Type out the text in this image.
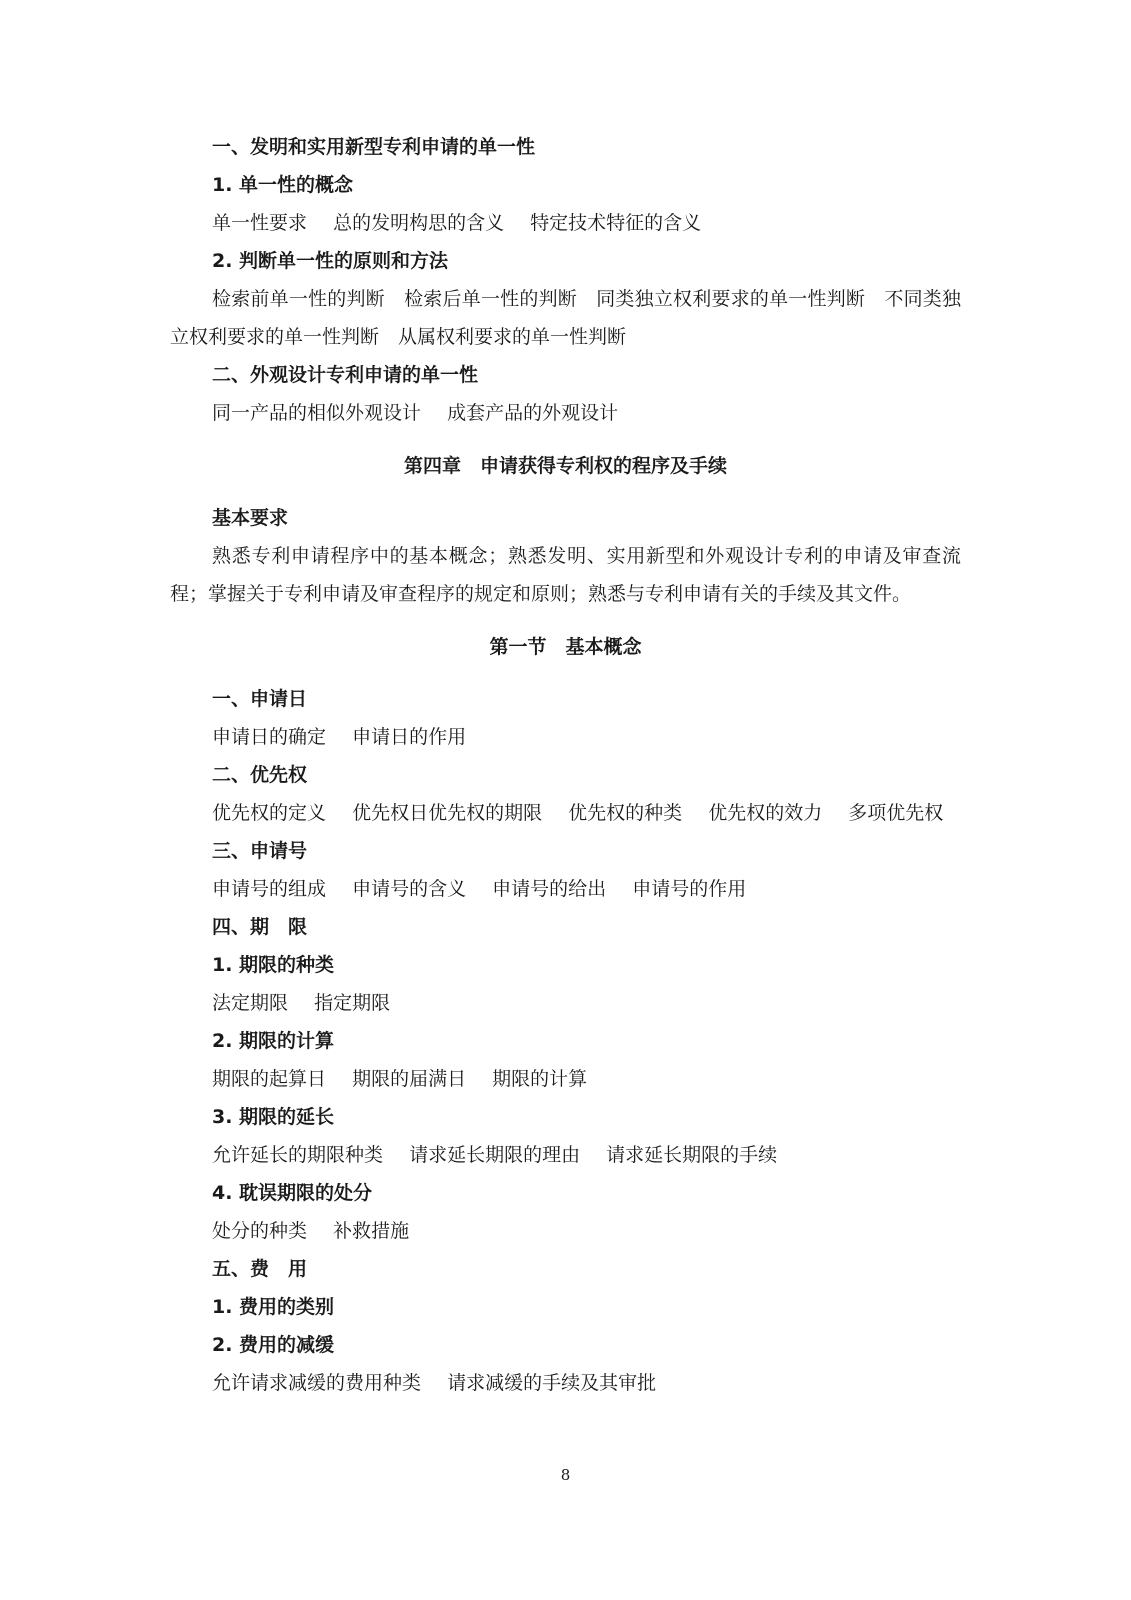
一、发明和实用新型专利申请的单一性
1. 单一性的概念
单一性要求 总的发明构思的含义 特定技术特征的含义
2. 判断单一性的原则和方法

检索前单一性的判断　检索后单一性的判断　同类独立权利要求的单一性判断　不同类独立权利要求的单一性判断　从属权利要求的单一性判断

二、外观设计专利申请的单一性
同一产品的相似外观设计 成套产品的外观设计
第四章　申请获得专利权的程序及手续
基本要求

熟悉专利申请程序中的基本概念；熟悉发明、实用新型和外观设计专利的申请及审查流程；掌握关于专利申请及审查程序的规定和原则；熟悉与专利申请有关的手续及其文件。

第一节　基本概念
一、申请日
申请日的确定 申请日的作用
二、优先权
优先权的定义 优先权日优先权的期限 优先权的种类 优先权的效力 多项优先权
三、申请号
申请号的组成 申请号的含义 申请号的给出 申请号的作用
四、期　限
1. 期限的种类
法定期限 指定期限
2. 期限的计算
期限的起算日 期限的届满日 期限的计算
3. 期限的延长
允许延长的期限种类 请求延长期限的理由 请求延长期限的手续
4. 耽误期限的处分
处分的种类 补救措施
五、费　用
1. 费用的类别
2. 费用的减缓
允许请求减缓的费用种类 请求减缓的手续及其审批
8
